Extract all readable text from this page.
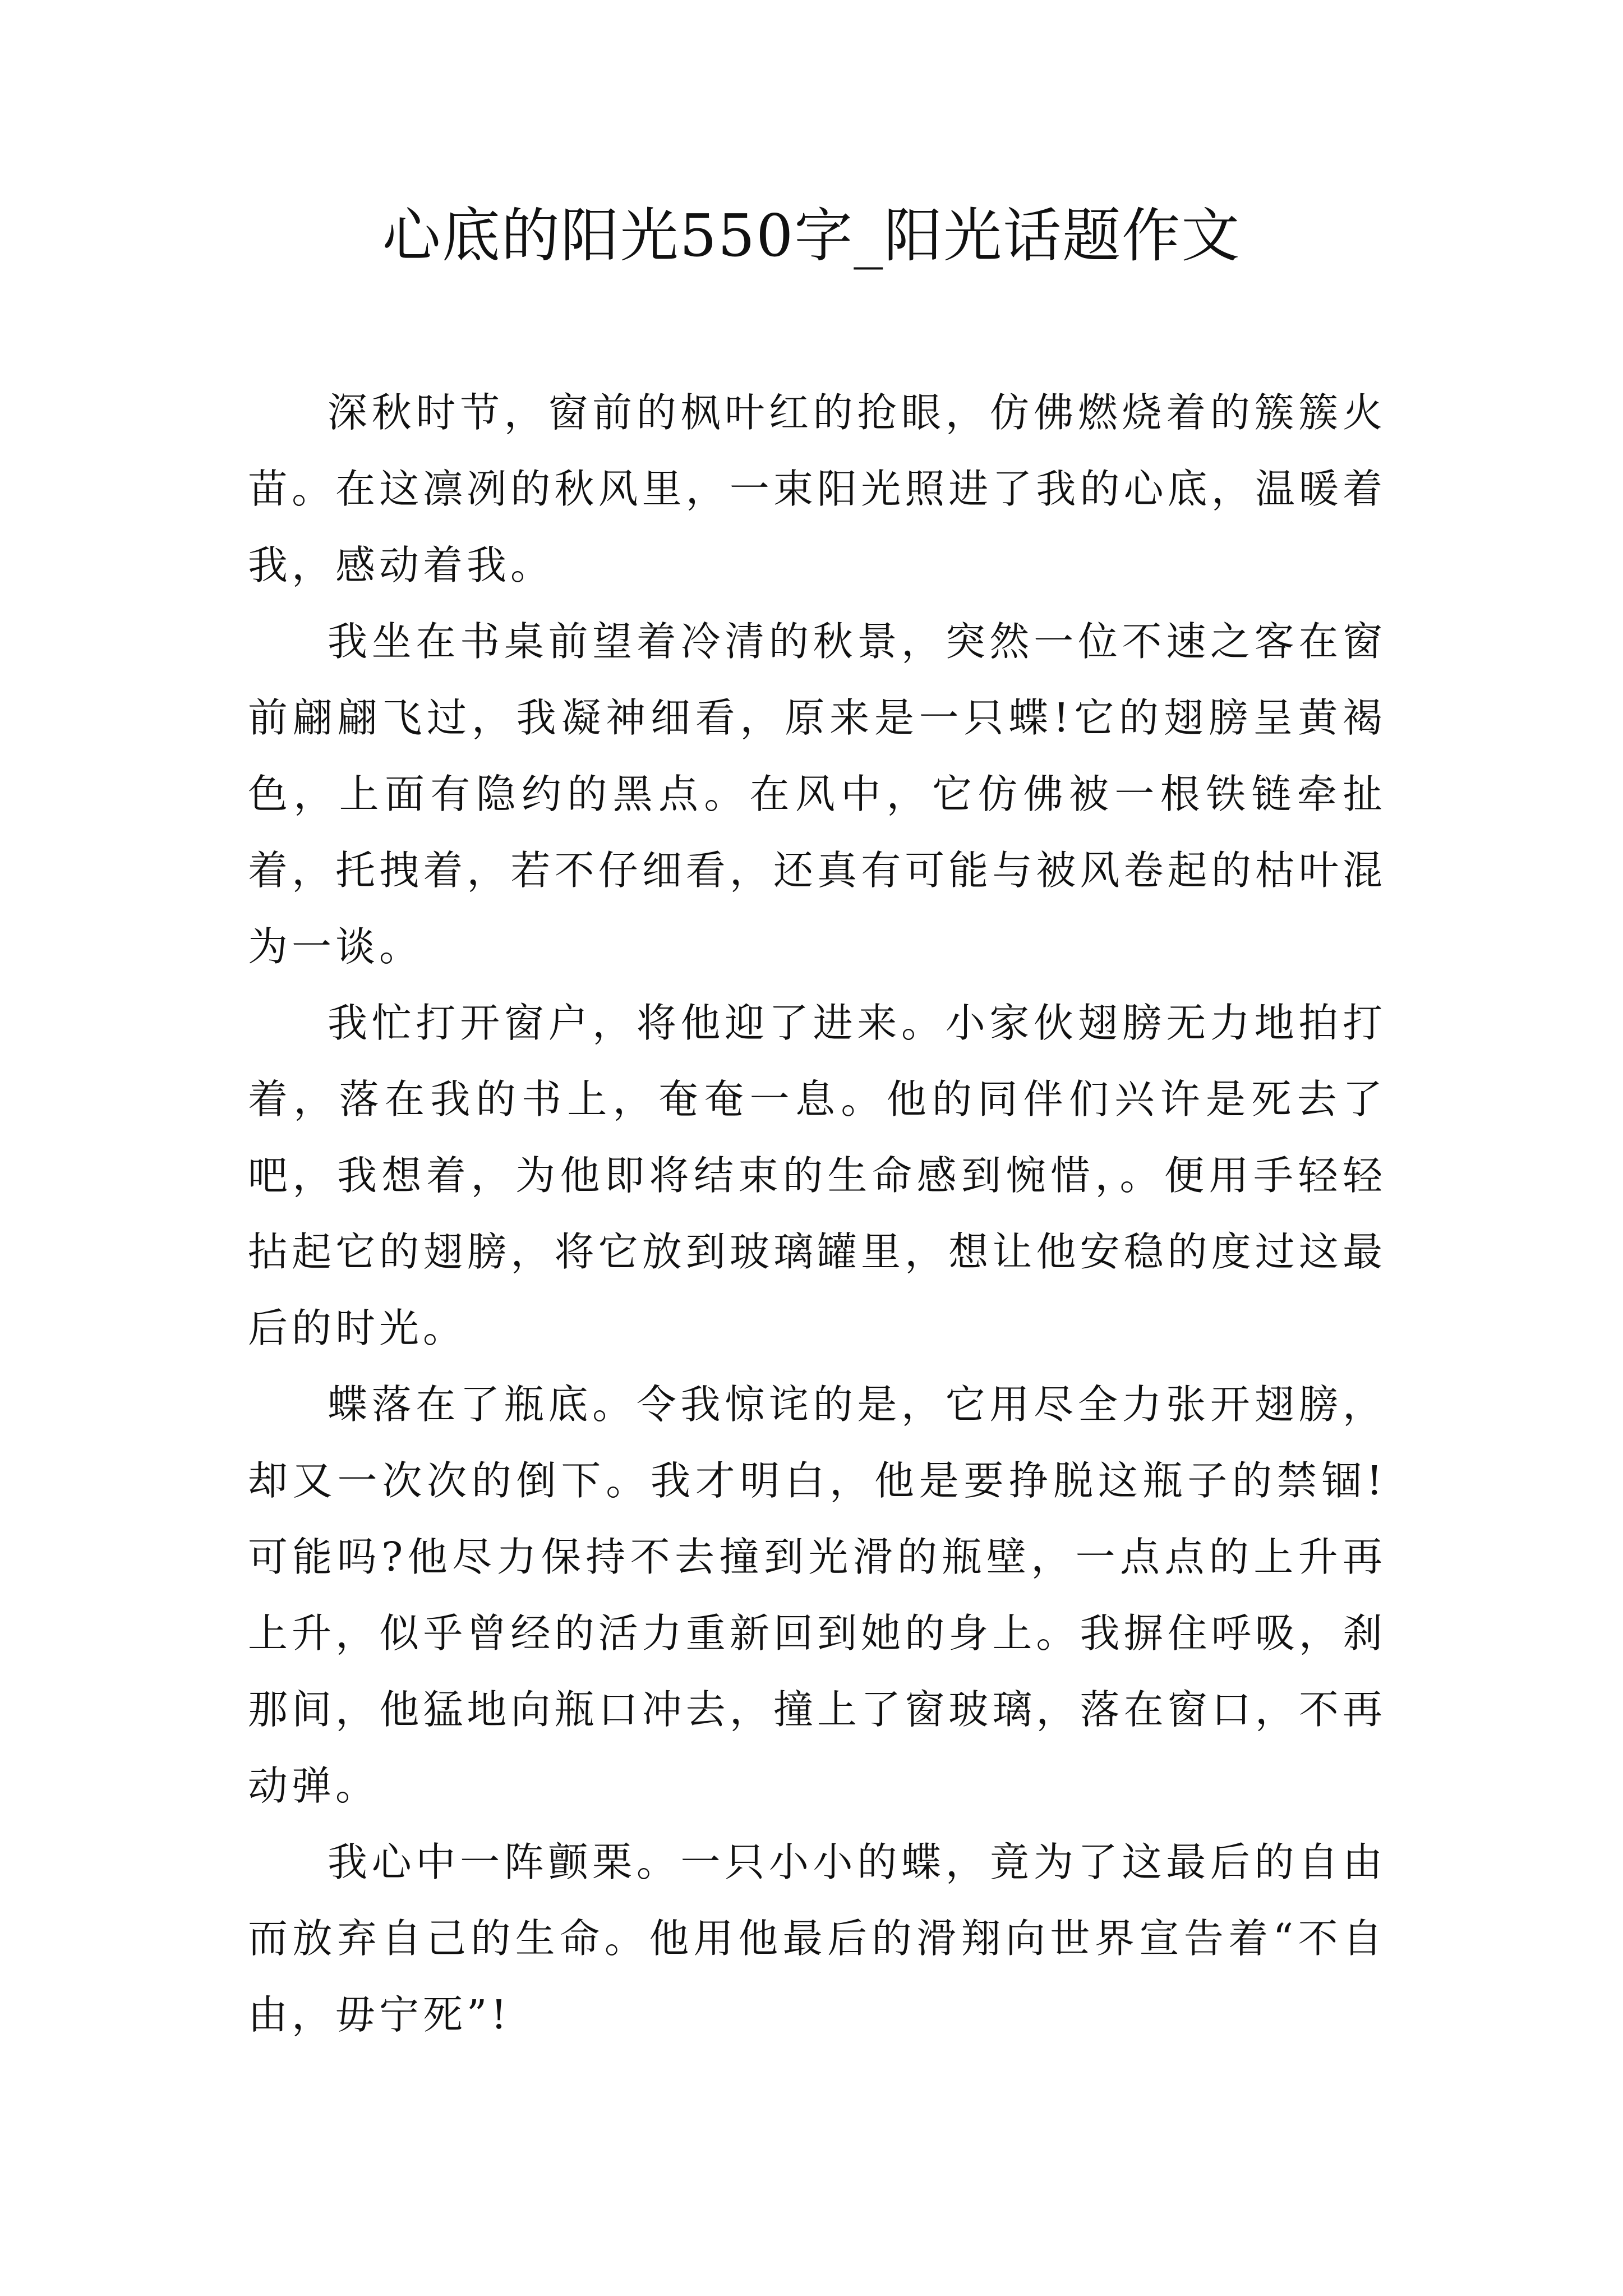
心底的阳光550字_阳光话题作文

深秋时节，窗前的枫叶红的抢眼，仿佛燃烧着的簇簇火苗。在这凛冽的秋风里，一束阳光照进了我的心底，温暖着我，感动着我。

我坐在书桌前望着冷清的秋景，突然一位不速之客在窗前翩翩飞过，我凝神细看，原来是一只蝶!它的翅膀呈黄褐色，上面有隐约的黑点。在风中，它仿佛被一根铁链牵扯着，托拽着，若不仔细看，还真有可能与被风卷起的枯叶混为一谈。

我忙打开窗户，将他迎了进来。小家伙翅膀无力地拍打着，落在我的书上，奄奄一息。他的同伴们兴许是死去了吧，我想着，为他即将结束的生命感到惋惜，。便用手轻轻拈起它的翅膀，将它放到玻璃罐里，想让他安稳的度过这最后的时光。

蝶落在了瓶底。令我惊诧的是，它用尽全力张开翅膀，却又一次次的倒下。我才明白，他是要挣脱这瓶子的禁锢!可能吗?他尽力保持不去撞到光滑的瓶壁，一点点的上升再上升，似乎曾经的活力重新回到她的身上。我摒住呼吸，刹那间，他猛地向瓶口冲去，撞上了窗玻璃，落在窗口，不再动弹。

我心中一阵颤栗。一只小小的蝶，竟为了这最后的自由而放弃自己的生命。他用他最后的滑翔向世界宣告着“不自由，毋宁死”!
